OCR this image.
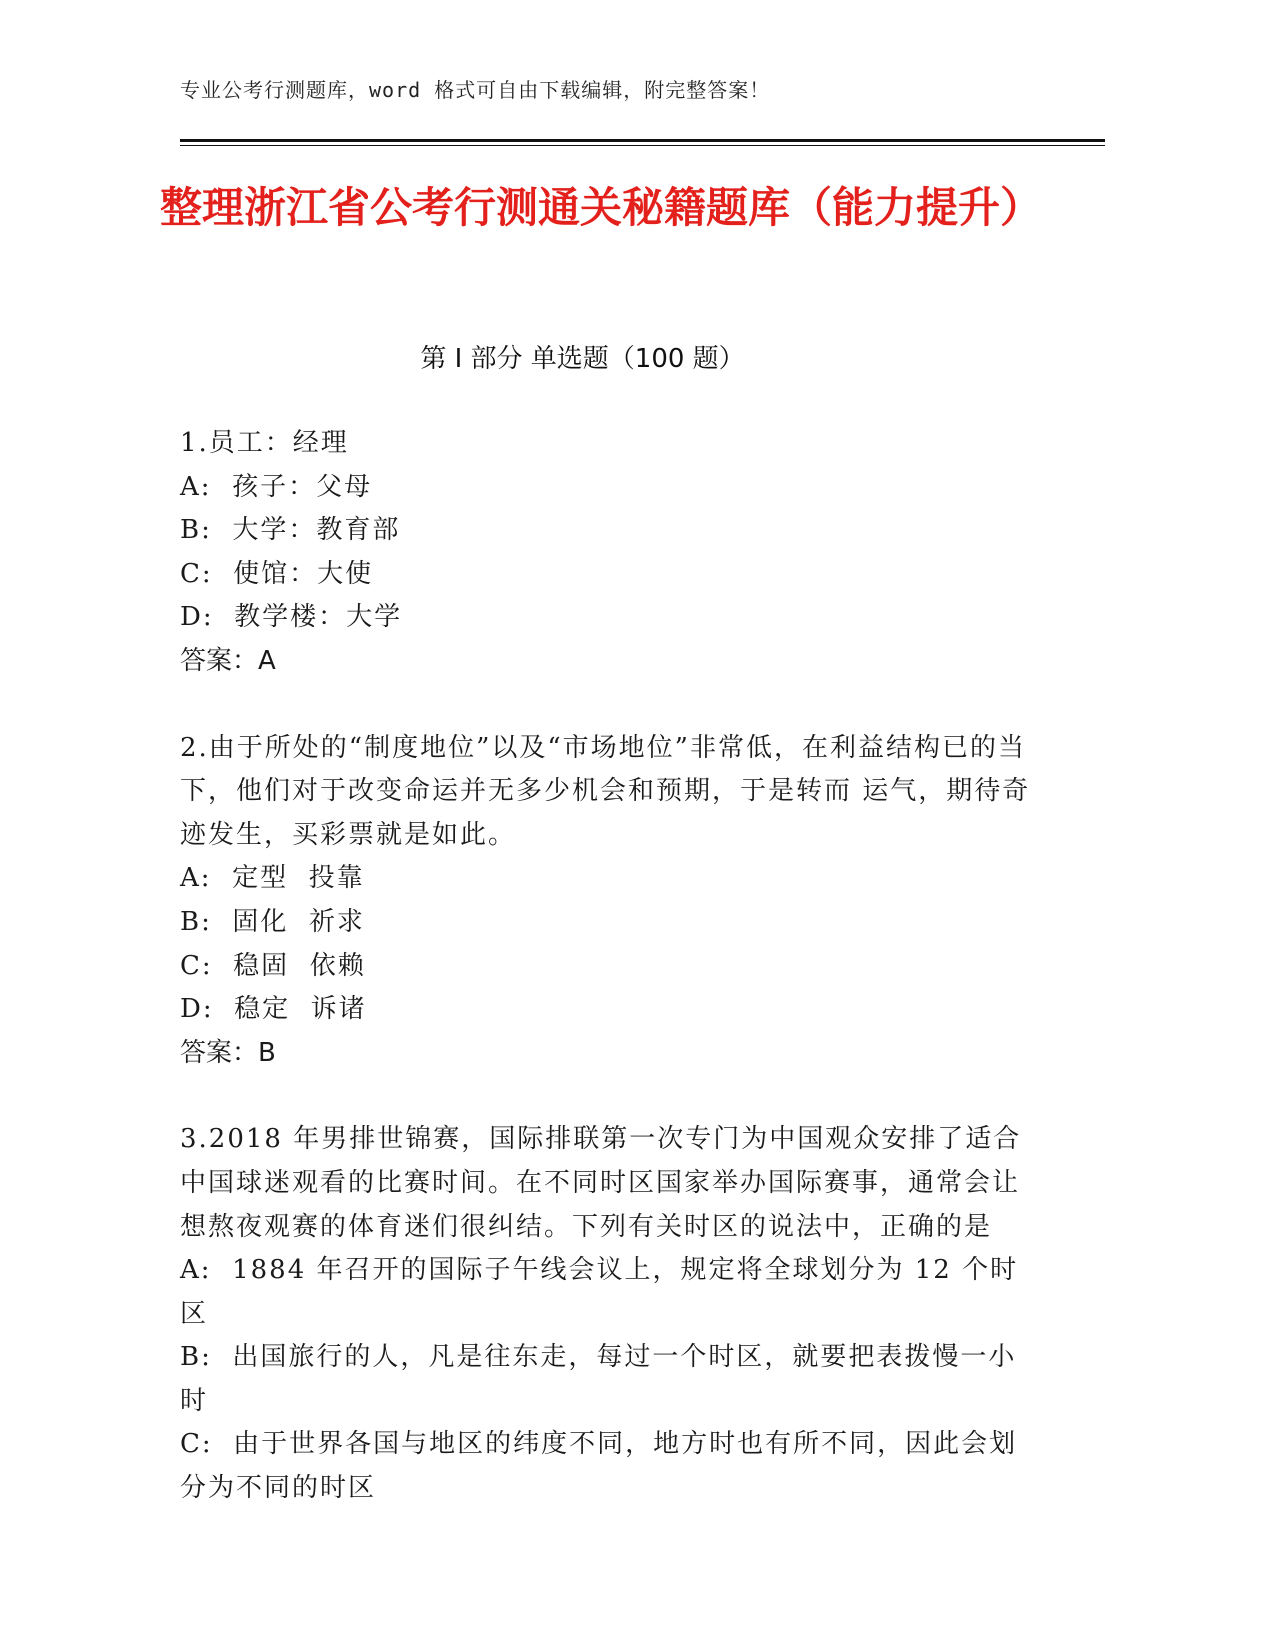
专业公考行测题库，word 格式可自由下载编辑，附完整答案！
整理浙江省公考行测通关秘籍题库（能力提升）
第 I 部分 单选题（100 题）
1.员工：经理
A:  孩子：父母
B:  大学：教育部
C:  使馆：大使
D:  教学楼：大学
答案：A
2.由于所处的“制度地位”以及“市场地位”非常低，在利益结构已的当下，他们对于改变命运并无多少机会和预期，于是转而 运气，期待奇迹发生，买彩票就是如此。
A:  定型  投靠
B:  固化  祈求
C:  稳固  依赖
D:  稳定  诉诸
答案：B
3.2018 年男排世锦赛，国际排联第一次专门为中国观众安排了适合中国球迷观看的比赛时间。在不同时区国家举办国际赛事，通常会让想熬夜观赛的体育迷们很纠结。下列有关时区的说法中，正确的是
A:  1884 年召开的国际子午线会议上，规定将全球划分为 12 个时区
B:  出国旅行的人，凡是往东走，每过一个时区，就要把表拨慢一小时
C:  由于世界各国与地区的纬度不同，地方时也有所不同，因此会划分为不同的时区
